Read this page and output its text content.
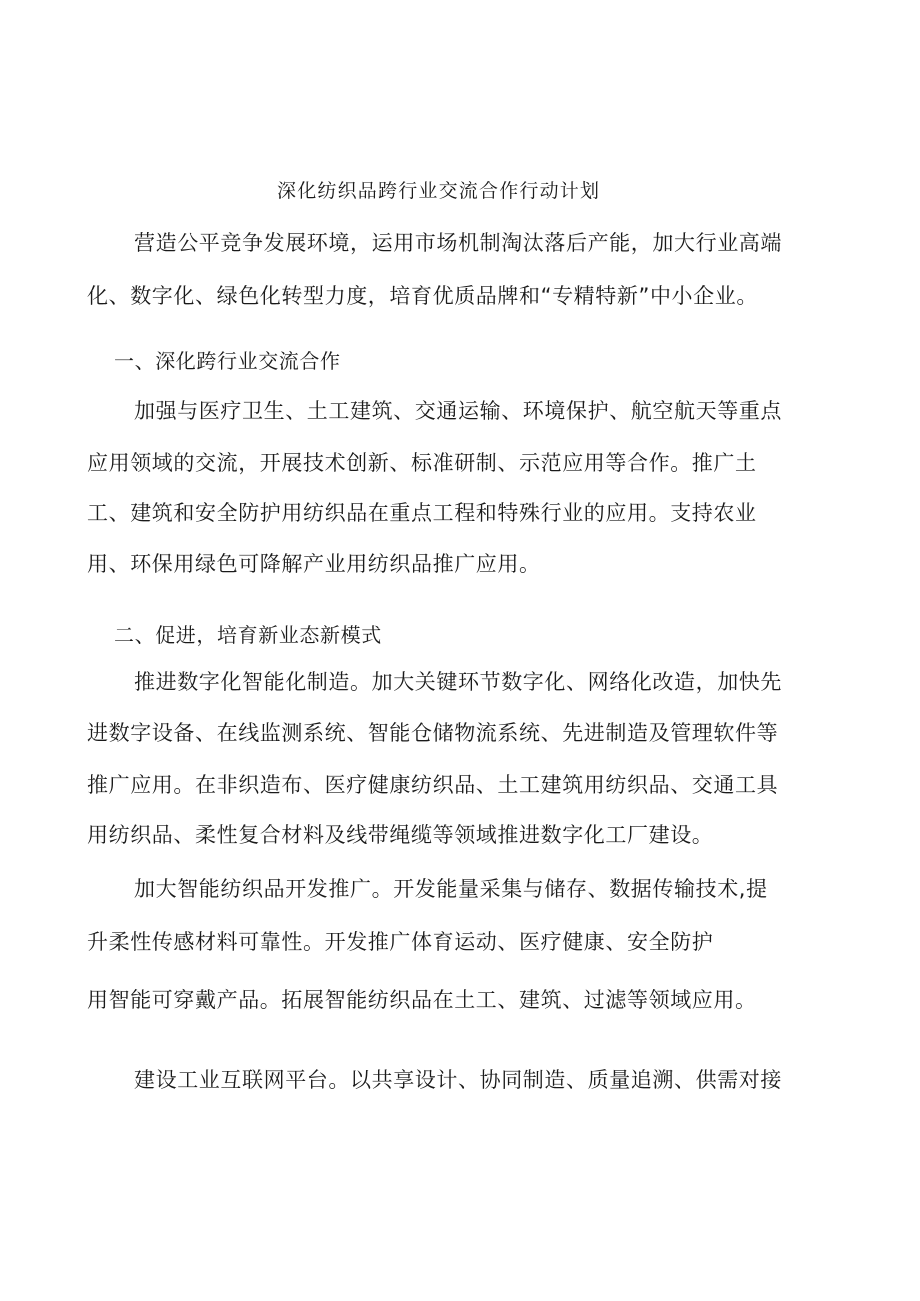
深化纺织品跨行业交流合作行动计划

营造公平竞争发展环境，运用市场机制淘汰落后产能，加大行业高端

化、数字化、绿色化转型力度，培育优质品牌和“专精特新”中小企业。

一、深化跨行业交流合作

加强与医疗卫生、土工建筑、交通运输、环境保护、航空航天等重点

应用领域的交流，开展技术创新、标准研制、示范应用等合作。推广土

工、建筑和安全防护用纺织品在重点工程和特殊行业的应用。支持农业

用、环保用绿色可降解产业用纺织品推广应用。

二、促进，培育新业态新模式

推进数字化智能化制造。加大关键环节数字化、网络化改造，加快先

进数字设备、在线监测系统、智能仓储物流系统、先进制造及管理软件等

推广应用。在非织造布、医疗健康纺织品、土工建筑用纺织品、交通工具

用纺织品、柔性复合材料及线带绳缆等领域推进数字化工厂建设。

加大智能纺织品开发推广。开发能量采集与储存、数据传输技术,提

升柔性传感材料可靠性。开发推广体育运动、医疗健康、安全防护

用智能可穿戴产品。拓展智能纺织品在土工、建筑、过滤等领域应用。

建设工业互联网平台。以共享设计、协同制造、质量追溯、供需对接
